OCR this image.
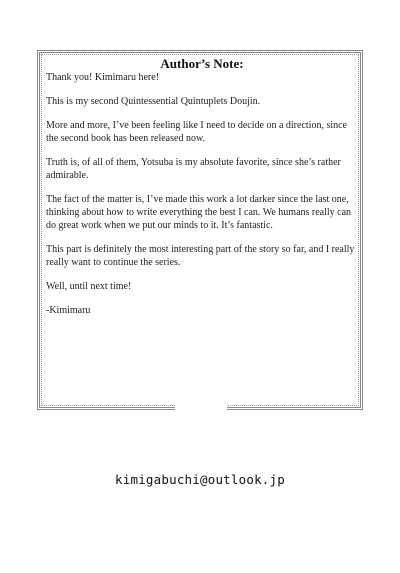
Author’s Note:

Thank you! Kimimaru here!

This is my second Quintessential Quintuplets Doujin.

More and more, I’ve been feeling like I need to decide on a direction, since the second book has been released now.

Truth is, of all of them, Yotsuba is my absolute favorite, since she’s rather admirable.

The fact of the matter is, I’ve made this work a lot darker since the last one, thinking about how to write everything the best I can. We humans really can do great work when we put our minds to it. It’s fantastic.

This part is definitely the most interesting part of the story so far, and I really really want to continue the series.

Well, until next time!

-Kimimaru

kimigabuchi@outlook.jp
